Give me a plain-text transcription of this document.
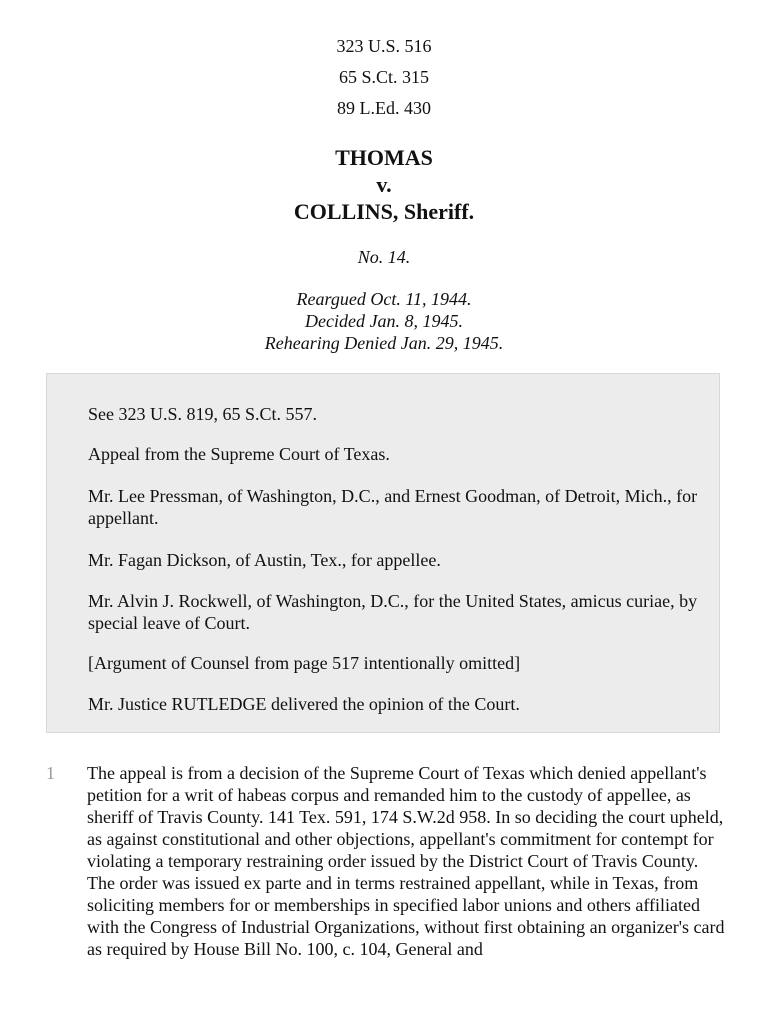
323 U.S. 516
65 S.Ct. 315
89 L.Ed. 430
THOMAS
v.
COLLINS, Sheriff.
No. 14.
Reargued Oct. 11, 1944.
Decided Jan. 8, 1945.
Rehearing Denied Jan. 29, 1945.

See 323 U.S. 819, 65 S.Ct. 557.

Appeal from the Supreme Court of Texas.

Mr. Lee Pressman, of Washington, D.C., and Ernest Goodman, of Detroit, Mich., for appellant.

Mr. Fagan Dickson, of Austin, Tex., for appellee.

Mr. Alvin J. Rockwell, of Washington, D.C., for the United States, amicus curiae, by special leave of Court.

[Argument of Counsel from page 517 intentionally omitted]

Mr. Justice RUTLEDGE delivered the opinion of the Court.

1 The appeal is from a decision of the Supreme Court of Texas which denied appellant's petition for a writ of habeas corpus and remanded him to the custody of appellee, as sheriff of Travis County. 141 Tex. 591, 174 S.W.2d 958. In so deciding the court upheld, as against constitutional and other objections, appellant's commitment for contempt for violating a temporary restraining order issued by the District Court of Travis County. The order was issued ex parte and in terms restrained appellant, while in Texas, from soliciting members for or memberships in specified labor unions and others affiliated with the Congress of Industrial Organizations, without first obtaining an organizer's card as required by House Bill No. 100, c. 104, General and
